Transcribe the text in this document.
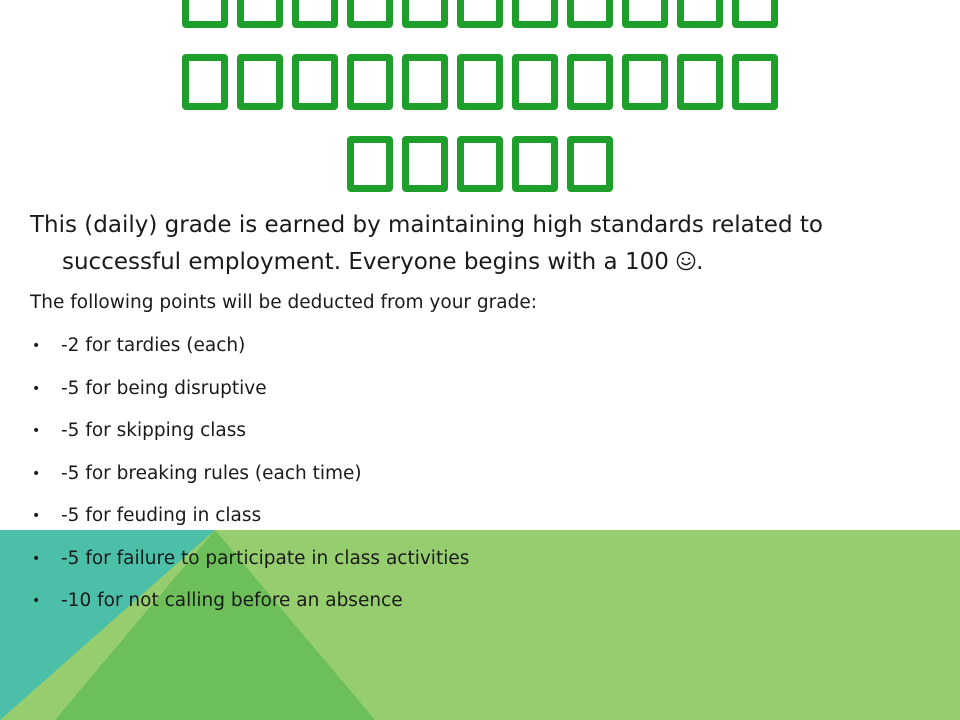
This (daily) grade is earned by maintaining high standards related to successful employment. Everyone begins with a 100 .

The following points will be deducted from your grade:

• -2 for tardies (each)
• -5 for being disruptive
• -5 for skipping class
• -5 for breaking rules (each time)
• -5 for feuding in class
• -5 for failure to participate in class activities
• -10 for not calling before an absence
